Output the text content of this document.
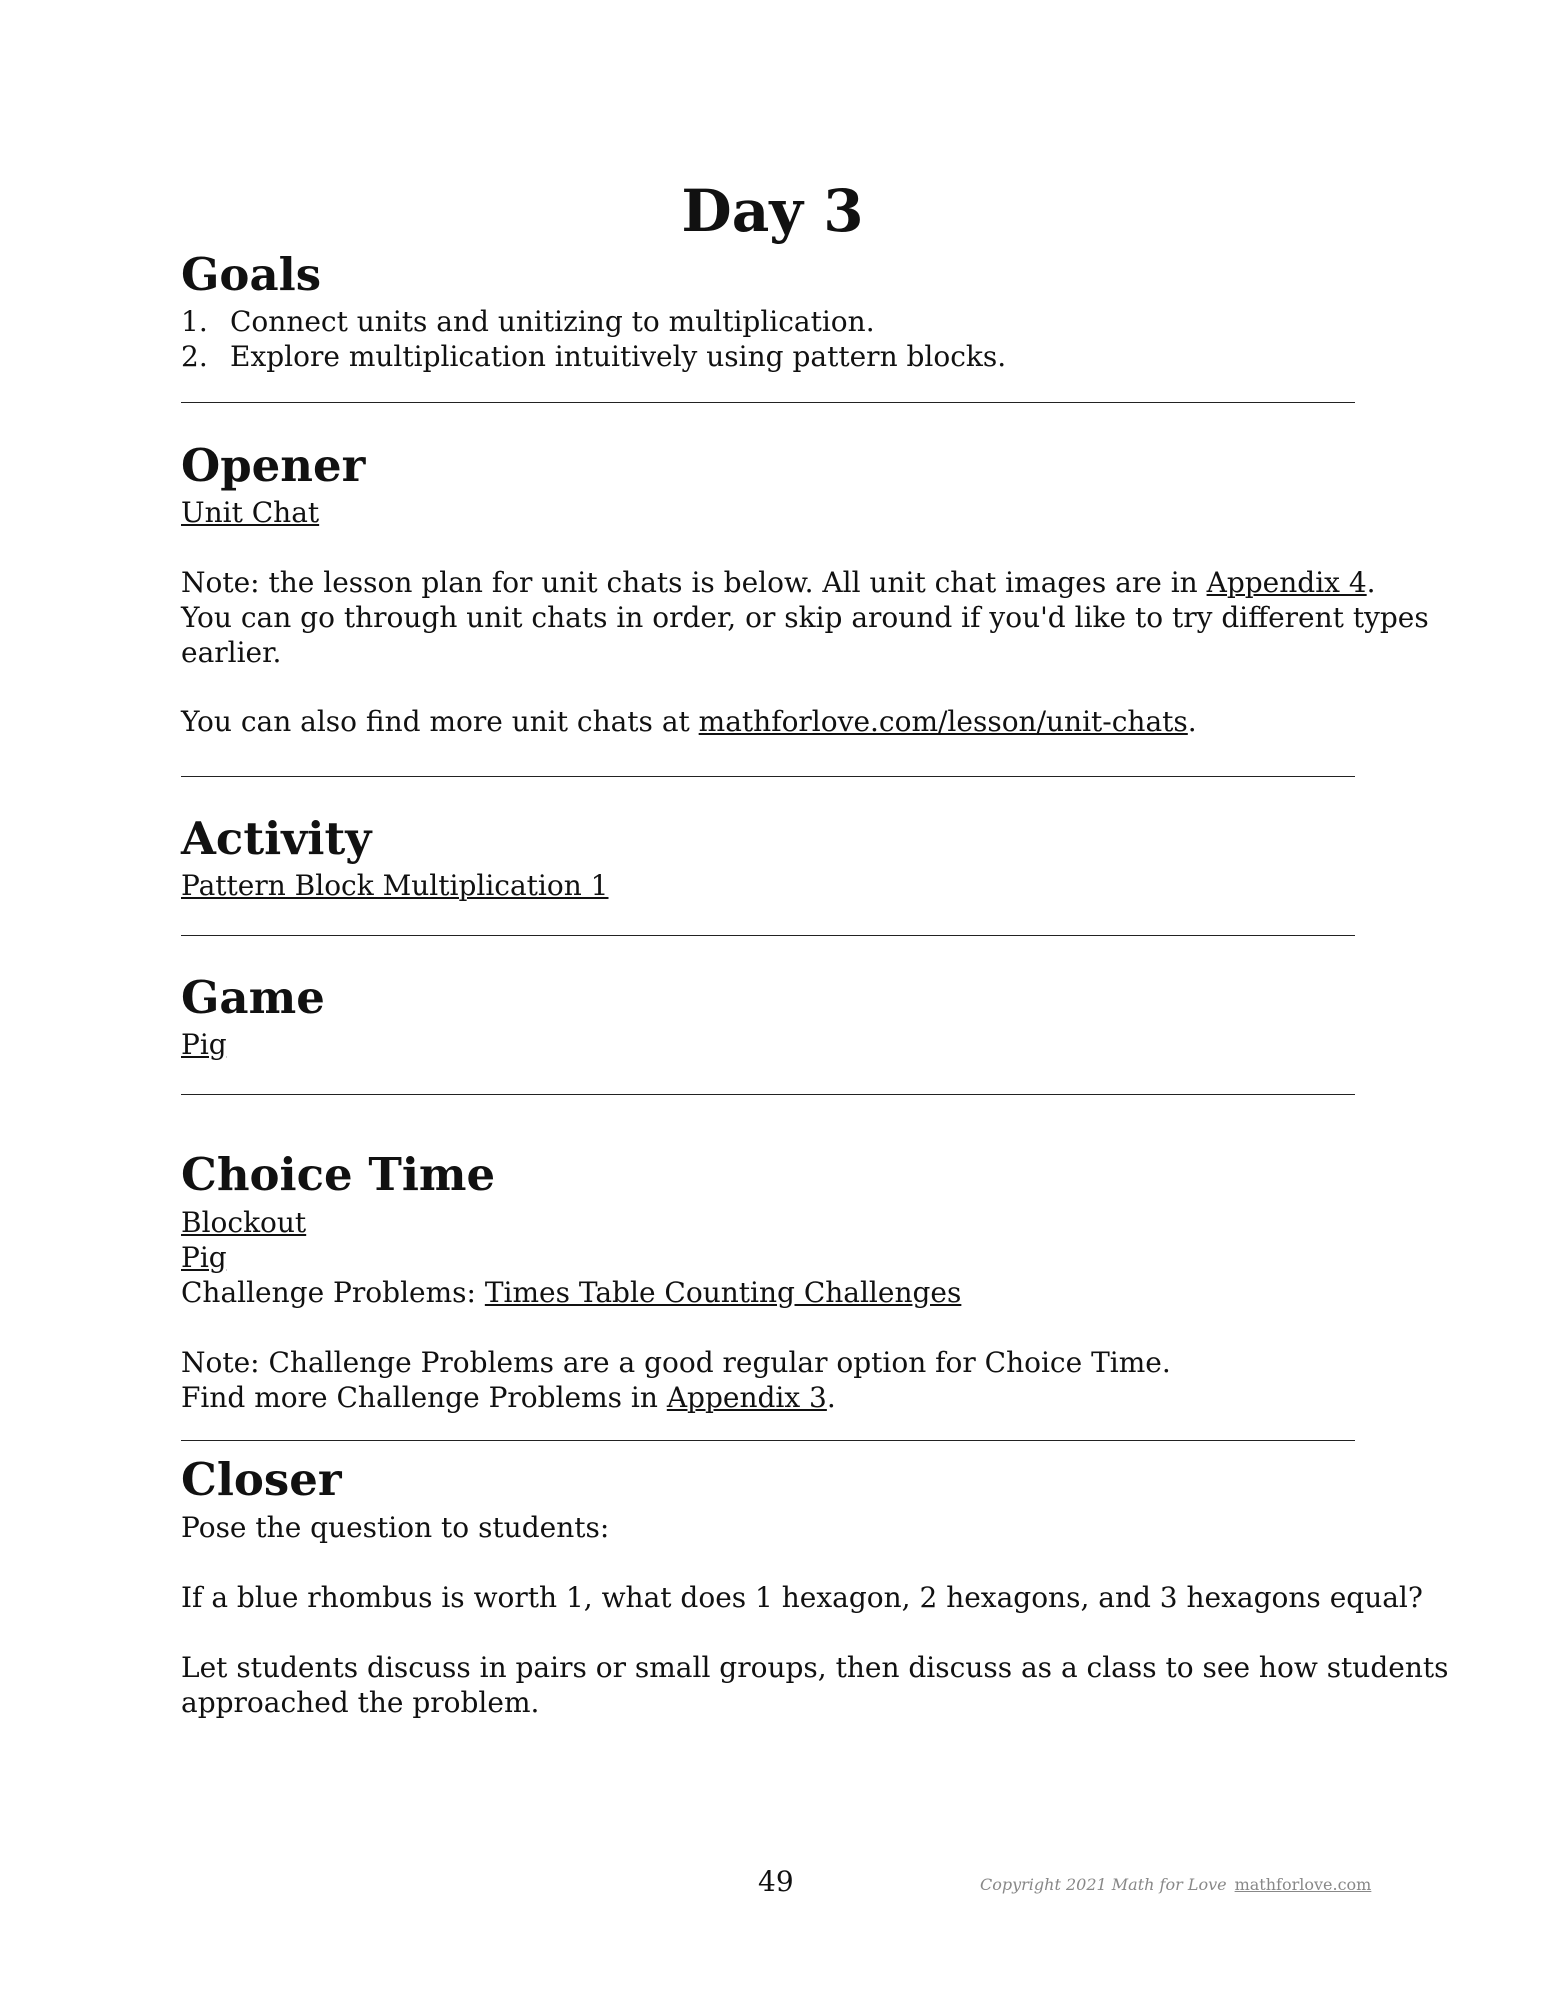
Day 3
Goals

1. Connect units and unitizing to multiplication.

2. Explore multiplication intuitively using pattern blocks.

Opener

Unit Chat

Note: the lesson plan for unit chats is below. All unit chat images are in Appendix 4.

You can go through unit chats in order, or skip around if you'd like to try different types

earlier.

You can also find more unit chats at mathforlove.com/lesson/unit-chats.

Activity

Pattern Block Multiplication 1

Game

Pig

Choice Time

Blockout

Pig

Challenge Problems: Times Table Counting Challenges

Note: Challenge Problems are a good regular option for Choice Time.

Find more Challenge Problems in Appendix 3.

Closer

Pose the question to students:

If a blue rhombus is worth 1, what does 1 hexagon, 2 hexagons, and 3 hexagons equal?

Let students discuss in pairs or small groups, then discuss as a class to see how students

approached the problem.

49	Copyright 2021 Math for Love mathforlove.com
